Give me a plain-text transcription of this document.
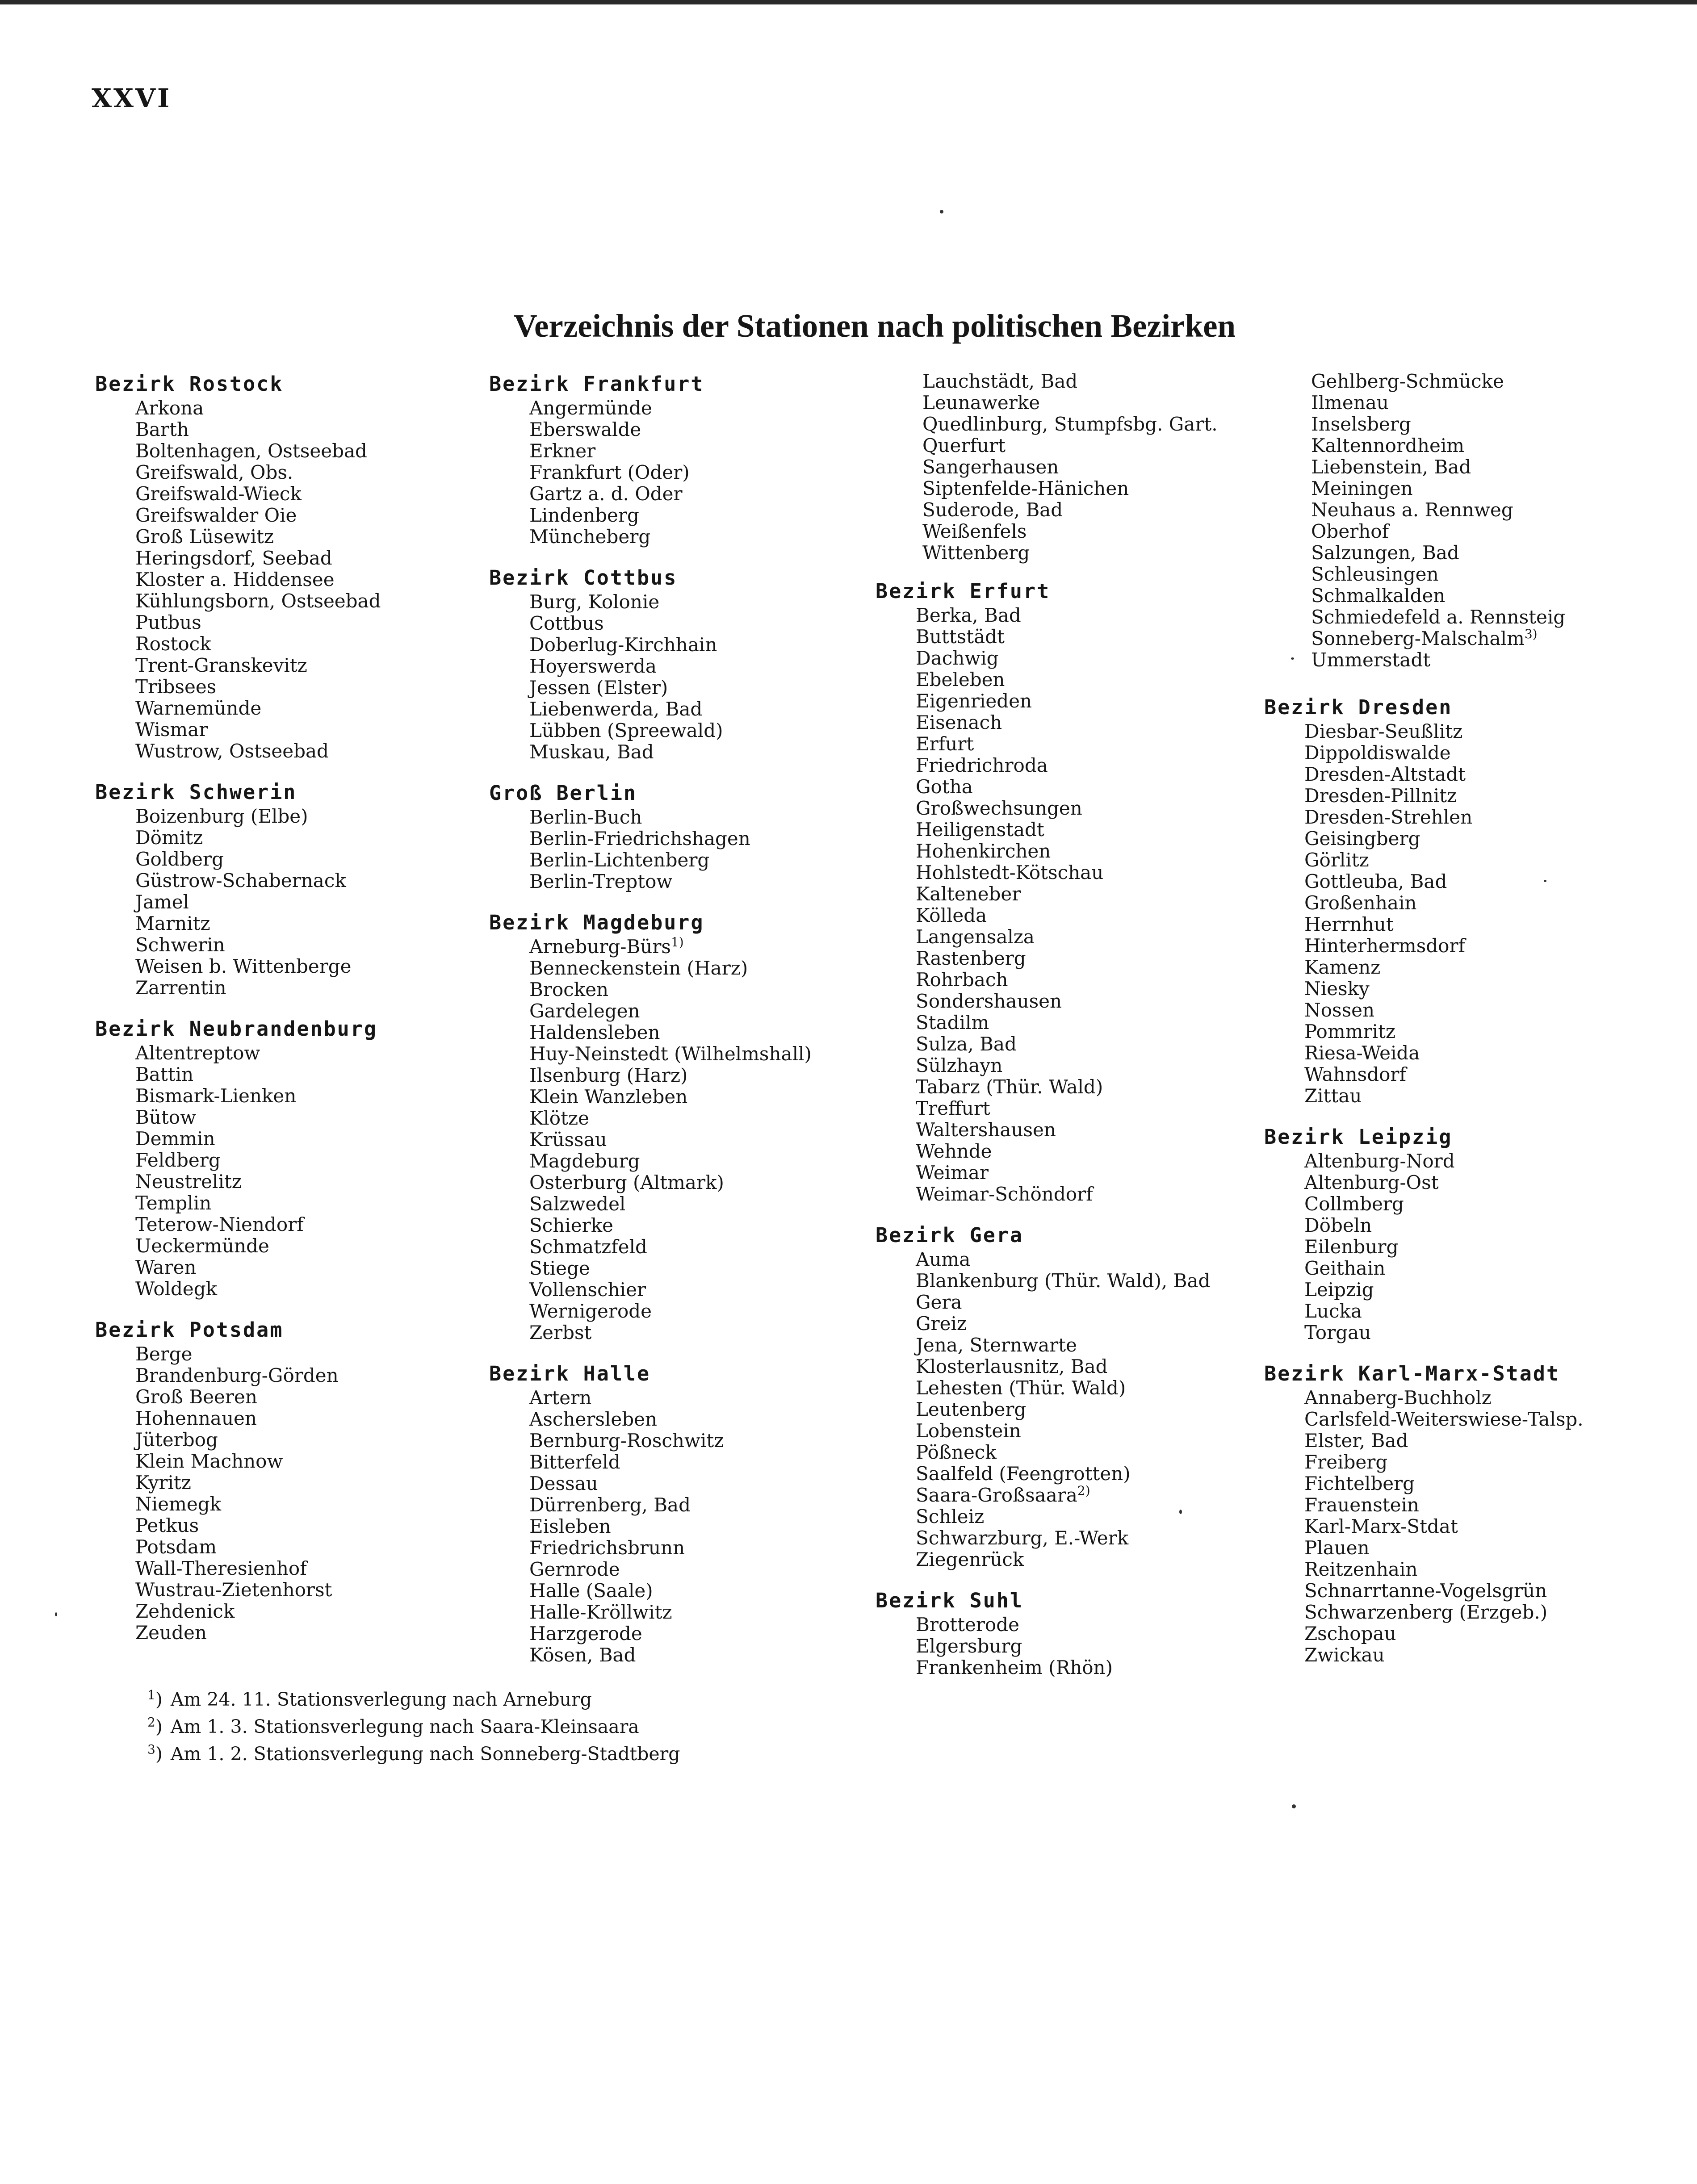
XXVI
Verzeichnis der Stationen nach politischen Bezirken
Bezirk Rostock
Arkona
Barth
Boltenhagen, Ostseebad
Greifswald, Obs.
Greifswald-Wieck
Greifswalder Oie
Groß Lüsewitz
Heringsdorf, Seebad
Kloster a. Hiddensee
Kühlungsborn, Ostseebad
Putbus
Rostock
Trent-Granskevitz
Tribsees
Warnemünde
Wismar
Wustrow, Ostseebad
Bezirk Schwerin
Boizenburg (Elbe)
Dömitz
Goldberg
Güstrow-Schabernack
Jamel
Marnitz
Schwerin
Weisen b. Wittenberge
Zarrentin
Bezirk Neubrandenburg
Altentreptow
Battin
Bismark-Lienken
Bütow
Demmin
Feldberg
Neustrelitz
Templin
Teterow-Niendorf
Ueckermünde
Waren
Woldegk
Bezirk Potsdam
Berge
Brandenburg-Görden
Groß Beeren
Hohennauen
Jüterbog
Klein Machnow
Kyritz
Niemegk
Petkus
Potsdam
Wall-Theresienhof
Wustrau-Zietenhorst
Zehdenick
Zeuden
Bezirk Frankfurt
Angermünde
Eberswalde
Erkner
Frankfurt (Oder)
Gartz a. d. Oder
Lindenberg
Müncheberg
Bezirk Cottbus
Burg, Kolonie
Cottbus
Doberlug-Kirchhain
Hoyerswerda
Jessen (Elster)
Liebenwerda, Bad
Lübben (Spreewald)
Muskau, Bad
Groß Berlin
Berlin-Buch
Berlin-Friedrichshagen
Berlin-Lichtenberg
Berlin-Treptow
Bezirk Magdeburg
Arneburg-Bürs$^{1)}$
Benneckenstein (Harz)
Brocken
Gardelegen
Haldensleben
Huy-Neinstedt (Wilhelmshall)
Ilsenburg (Harz)
Klein Wanzleben
Klötze
Krüssau
Magdeburg
Osterburg (Altmark)
Salzwedel
Schierke
Schmatzfeld
Stiege
Vollenschier
Wernigerode
Zerbst
Bezirk Halle
Artern
Aschersleben
Bernburg-Roschwitz
Bitterfeld
Dessau
Dürrenberg, Bad
Eisleben
Friedrichsbrunn
Gernrode
Halle (Saale)
Halle-Kröllwitz
Harzgerode
Kösen, Bad
Lauchstädt, Bad
Leunawerke
Quedlinburg, Stumpfsbg. Gart.
Querfurt
Sangerhausen
Siptenfelde-Hänichen
Suderode, Bad
Weißenfels
Wittenberg
Bezirk Erfurt
Berka, Bad
Buttstädt
Dachwig
Ebeleben
Eigenrieden
Eisenach
Erfurt
Friedrichroda
Gotha
Großwechsungen
Heiligenstadt
Hohenkirchen
Hohlstedt-Kötschau
Kalteneber
Kölleda
Langensalza
Rastenberg
Rohrbach
Sondershausen
Stadilm
Sulza, Bad
Sülzhayn
Tabarz (Thür. Wald)
Treffurt
Waltershausen
Wehnde
Weimar
Weimar-Schöndorf
Bezirk Gera
Auma
Blankenburg (Thür. Wald), Bad
Gera
Greiz
Jena, Sternwarte
Klosterlausnitz, Bad
Lehesten (Thür. Wald)
Leutenberg
Lobenstein
Pößneck
Saalfeld (Feengrotten)
Saara-Großsaara$^{2)}$
Schleiz
Schwarzburg, E.-Werk
Ziegenrück
Bezirk Suhl
Brotterode
Elgersburg
Frankenheim (Rhön)
Gehlberg-Schmücke
Ilmenau
Inselsberg
Kaltennordheim
Liebenstein, Bad
Meiningen
Neuhaus a. Rennweg
Oberhof
Salzungen, Bad
Schleusingen
Schmalkalden
Schmiedefeld a. Rennsteig
Sonneberg-Malschalm$^{3)}$
Ummerstadt
Bezirk Dresden
Diesbar-Seußlitz
Dippoldiswalde
Dresden-Altstadt
Dresden-Pillnitz
Dresden-Strehlen
Geisingberg
Görlitz
Gottleuba, Bad
Großenhain
Herrnhut
Hinterhermsdorf
Kamenz
Niesky
Nossen
Pommritz
Riesa-Weida
Wahnsdorf
Zittau
Bezirk Leipzig
Altenburg-Nord
Altenburg-Ost
Collmberg
Döbeln
Eilenburg
Geithain
Leipzig
Lucka
Torgau
Bezirk Karl-Marx-Stadt
Annaberg-Buchholz
Carlsfeld-Weiterswiese-Talsp.
Elster, Bad
Freiberg
Fichtelberg
Frauenstein
Karl-Marx-Stdat
Plauen
Reitzenhain
Schnarrtanne-Vogelsgrün
Schwarzenberg (Erzgeb.)
Zschopau
Zwickau
$^1$) Am 24. 11. Stationsverlegung nach Arneburg
$^2$) Am 1. 3. Stationsverlegung nach Saara-Kleinsaara
$^3$) Am 1. 2. Stationsverlegung nach Sonneberg-Stadtberg
